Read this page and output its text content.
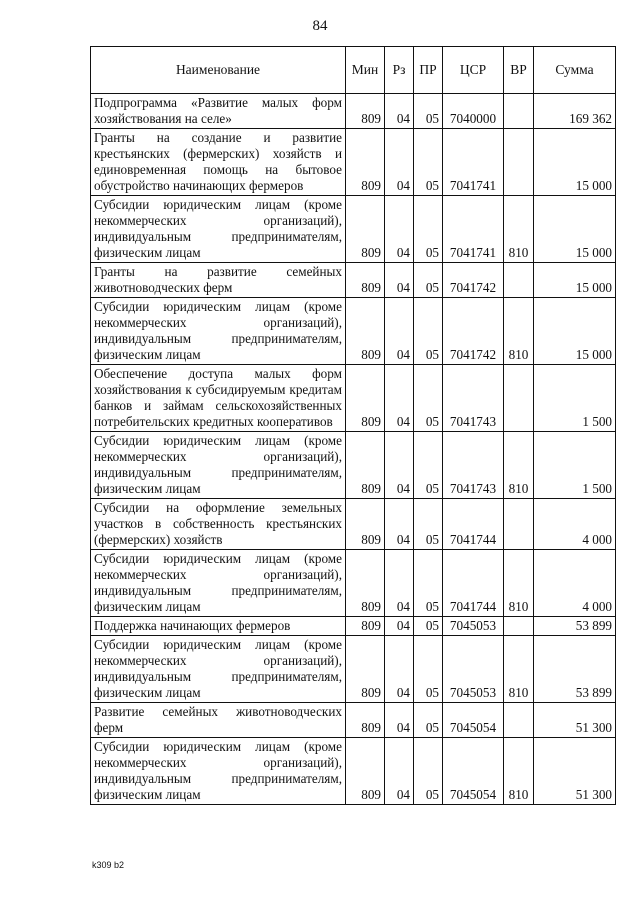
84
Наименование	Мин	Рз	ПР	ЦСР	ВР	Сумма
Подпрограмма «Развитие малых форм хозяйствования на селе»	809	04	05	7040000		169 362
Гранты на создание и развитие крестьянских (фермерских) хозяйств и единовременная помощь на бытовое обустройство начинающих фермеров	809	04	05	7041741		15 000
Субсидии юридическим лицам (кроме некоммерческих организаций), индивидуальным предпринимателям, физическим лицам	809	04	05	7041741	810	15 000
Гранты на развитие семейных животноводческих ферм	809	04	05	7041742		15 000
Субсидии юридическим лицам (кроме некоммерческих организаций), индивидуальным предпринимателям, физическим лицам	809	04	05	7041742	810	15 000
Обеспечение доступа малых форм хозяйствования к субсидируемым кредитам банков и займам сельскохозяйственных потребительских кредитных кооперативов	809	04	05	7041743		1 500
Субсидии юридическим лицам (кроме некоммерческих организаций), индивидуальным предпринимателям, физическим лицам	809	04	05	7041743	810	1 500
Субсидии на оформление земельных участков в собственность крестьянских (фермерских) хозяйств	809	04	05	7041744		4 000
Субсидии юридическим лицам (кроме некоммерческих организаций), индивидуальным предпринимателям, физическим лицам	809	04	05	7041744	810	4 000
Поддержка начинающих фермеров	809	04	05	7045053		53 899
Субсидии юридическим лицам (кроме некоммерческих организаций), индивидуальным предпринимателям, физическим лицам	809	04	05	7045053	810	53 899
Развитие семейных животноводческих ферм	809	04	05	7045054		51 300
Субсидии юридическим лицам (кроме некоммерческих организаций), индивидуальным предпринимателям, физическим лицам	809	04	05	7045054	810	51 300
k309 b2
